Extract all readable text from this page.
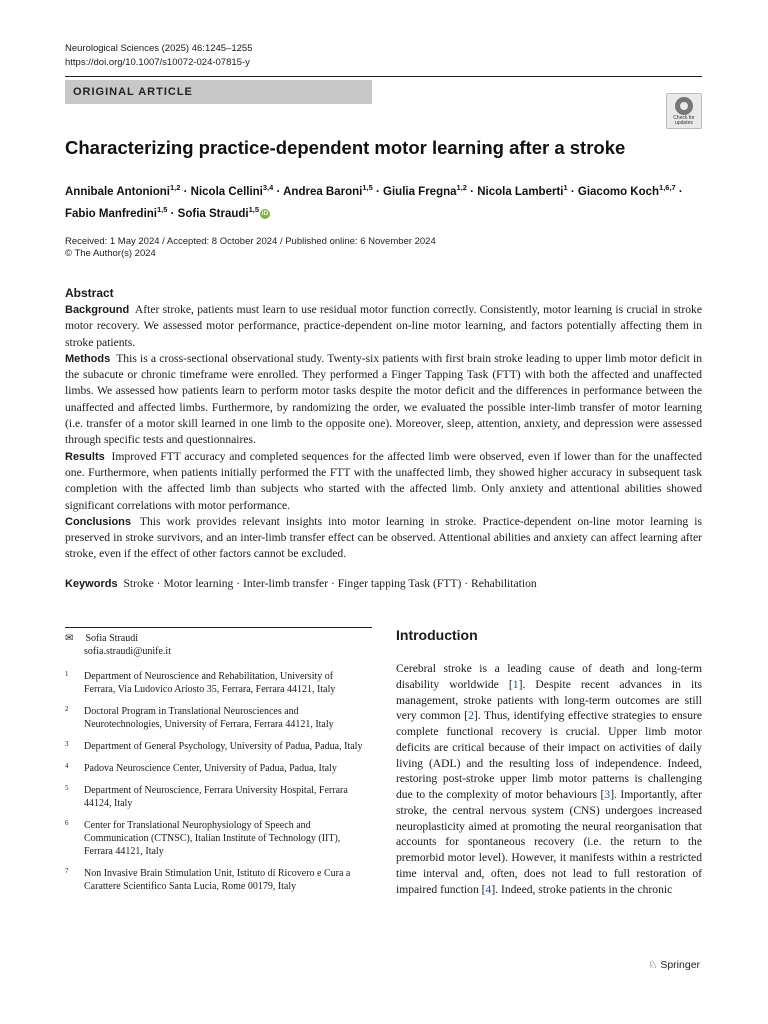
Neurological Sciences (2025) 46:1245–1255
https://doi.org/10.1007/s10072-024-07815-y
ORIGINAL ARTICLE
Check for
updates
Characterizing practice-dependent motor learning after a stroke
Annibale Antonioni$^{1,2}$ · Nicola Cellini$^{3,4}$ · Andrea Baroni$^{1,5}$ · Giulia Fregna$^{1,2}$ · Nicola Lamberti$^1$ · Giacomo Koch$^{1,6,7}$ ·
Fabio Manfredini$^{1,5}$ · Sofia Straudi$^{1,5}$ iD
Received: 1 May 2024 / Accepted: 8 October 2024 / Published online: 6 November 2024
© The Author(s) 2024
Abstract

Background After stroke, patients must learn to use residual motor function correctly. Consistently, motor learning is crucial in stroke motor recovery. We assessed motor performance, practice-dependent on-line motor learning, and factors potentially affecting them in stroke patients.

Methods This is a cross-sectional observational study. Twenty-six patients with first brain stroke leading to upper limb motor deficit in the subacute or chronic timeframe were enrolled. They performed a Finger Tapping Task (FTT) with both the affected and unaffected limbs. We assessed how patients learn to perform motor tasks despite the motor deficit and the differences in performance between the unaffected and affected limbs. Furthermore, by randomizing the order, we evaluated the possible inter-limb transfer of motor learning (i.e. transfer of a motor skill learned in one limb to the opposite one). Moreover, sleep, attention, anxiety, and depression were assessed through specific tests and questionnaires.

Results Improved FTT accuracy and completed sequences for the affected limb were observed, even if lower than for the unaffected one. Furthermore, when patients initially performed the FTT with the unaffected limb, they showed higher accuracy in subsequent task completion with the affected limb than subjects who started with the affected limb. Only anxiety and attentional abilities showed significant correlations with motor performance.

Conclusions This work provides relevant insights into motor learning in stroke. Practice-dependent on-line motor learning is preserved in stroke survivors, and an inter-limb transfer effect can be observed. Attentional abilities and anxiety can affect learning after stroke, even if the effect of other factors cannot be excluded.

Keywords Stroke · Motor learning · Inter-limb transfer · Finger tapping Task (FTT) · Rehabilitation
✉ Sofia Straudi
sofia.straudi@unife.it
1 Department of Neuroscience and Rehabilitation, University of Ferrara, Via Ludovico Ariosto 35, Ferrara, Ferrara 44121, Italy
2 Doctoral Program in Translational Neurosciences and Neurotechnologies, University of Ferrara, Ferrara 44121, Italy
3 Department of General Psychology, University of Padua, Padua, Italy
4 Padova Neuroscience Center, University of Padua, Padua, Italy
5 Department of Neuroscience, Ferrara University Hospital, Ferrara 44124, Italy
6 Center for Translational Neurophysiology of Speech and Communication (CTNSC), Italian Institute of Technology (IIT), Ferrara 44121, Italy
7 Non Invasive Brain Stimulation Unit, Istituto di Ricovero e Cura a Carattere Scientifico Santa Lucia, Rome 00179, Italy
Introduction
Cerebral stroke is a leading cause of death and long-term disability worldwide [1]. Despite recent advances in its management, stroke patients with long-term outcomes are still very common [2]. Thus, identifying effective strategies to ensure complete functional recovery is crucial. Upper limb motor deficits are critical because of their impact on activities of daily living (ADL) and the resulting loss of independence. Indeed, restoring post-stroke upper limb motor patterns is challenging due to the complexity of motor behaviours [3]. Importantly, after stroke, the central nervous system (CNS) undergoes increased neuroplasticity aimed at promoting the neural reorganisation that accounts for spontaneous recovery (i.e. the return to the premorbid motor level). However, it manifests within a restricted time interval and, often, does not lead to full restoration of impaired function [4]. Indeed, stroke patients in the chronic
♘ Springer
